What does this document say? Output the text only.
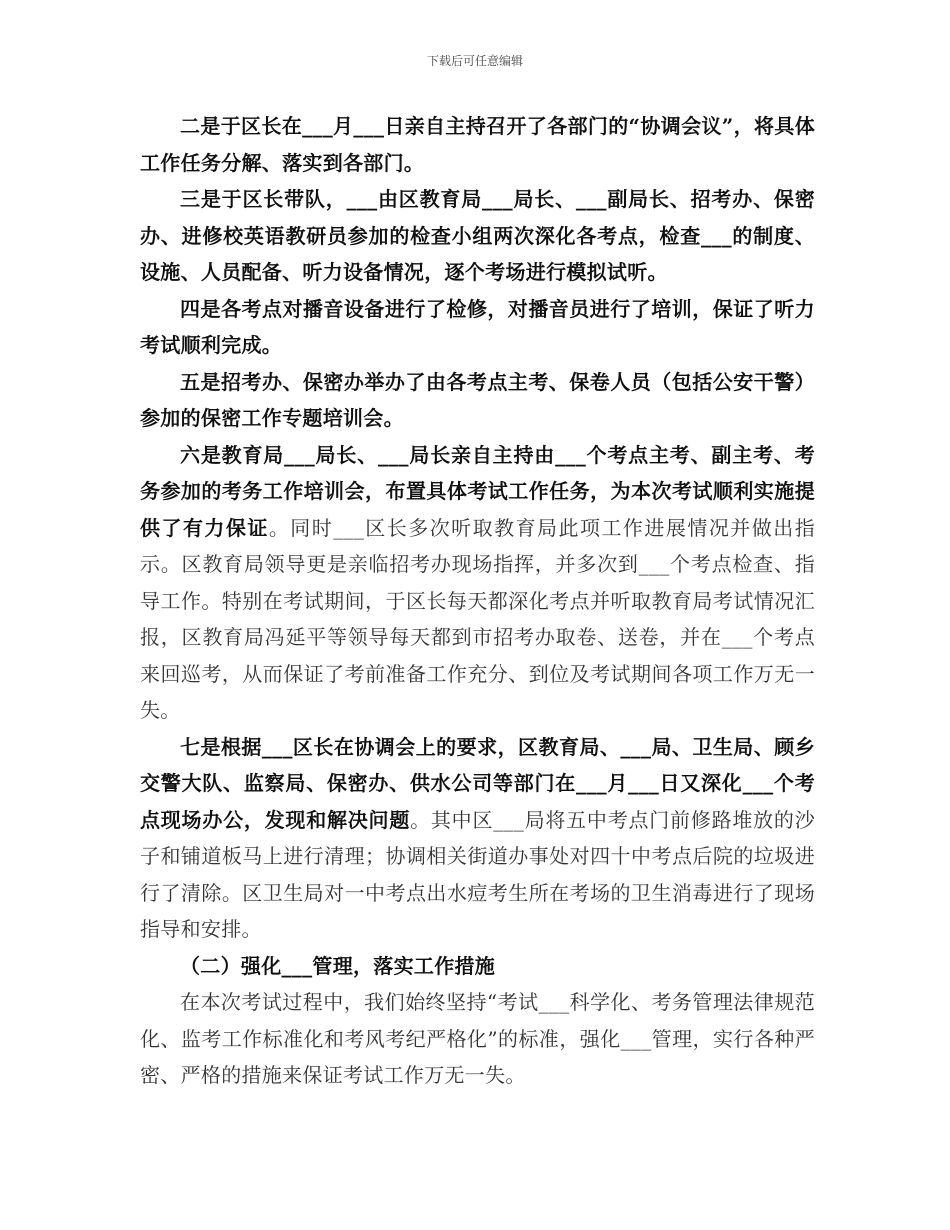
下载后可任意编辑

二是于区长在___月___日亲自主持召开了各部门的“协调会议”，将具体工作任务分解、落实到各部门。

三是于区长带队，___由区教育局___局长、___副局长、招考办、保密办、进修校英语教研员参加的检查小组两次深化各考点，检查___的制度、设施、人员配备、听力设备情况，逐个考场进行模拟试听。

四是各考点对播音设备进行了检修，对播音员进行了培训，保证了听力考试顺利完成。

五是招考办、保密办举办了由各考点主考、保卷人员（包括公安干警）参加的保密工作专题培训会。

六是教育局___局长、___局长亲自主持由___个考点主考、副主考、考务参加的考务工作培训会，布置具体考试工作任务，为本次考试顺利实施提供了有力保证。同时___区长多次听取教育局此项工作进展情况并做出指示。区教育局领导更是亲临招考办现场指挥，并多次到___个考点检查、指导工作。特别在考试期间，于区长每天都深化考点并听取教育局考试情况汇报，区教育局冯延平等领导每天都到市招考办取卷、送卷，并在___个考点来回巡考，从而保证了考前准备工作充分、到位及考试期间各项工作万无一失。

七是根据___区长在协调会上的要求，区教育局、___局、卫生局、顾乡交警大队、监察局、保密办、供水公司等部门在___月___日又深化___个考点现场办公，发现和解决问题。其中区___局将五中考点门前修路堆放的沙子和铺道板马上进行清理；协调相关街道办事处对四十中考点后院的垃圾进行了清除。区卫生局对一中考点出水痘考生所在考场的卫生消毒进行了现场指导和安排。

（二）强化___管理，落实工作措施

在本次考试过程中，我们始终坚持“考试___科学化、考务管理法律规范化、监考工作标准化和考风考纪严格化”的标准，强化___管理，实行各种严密、严格的措施来保证考试工作万无一失。
